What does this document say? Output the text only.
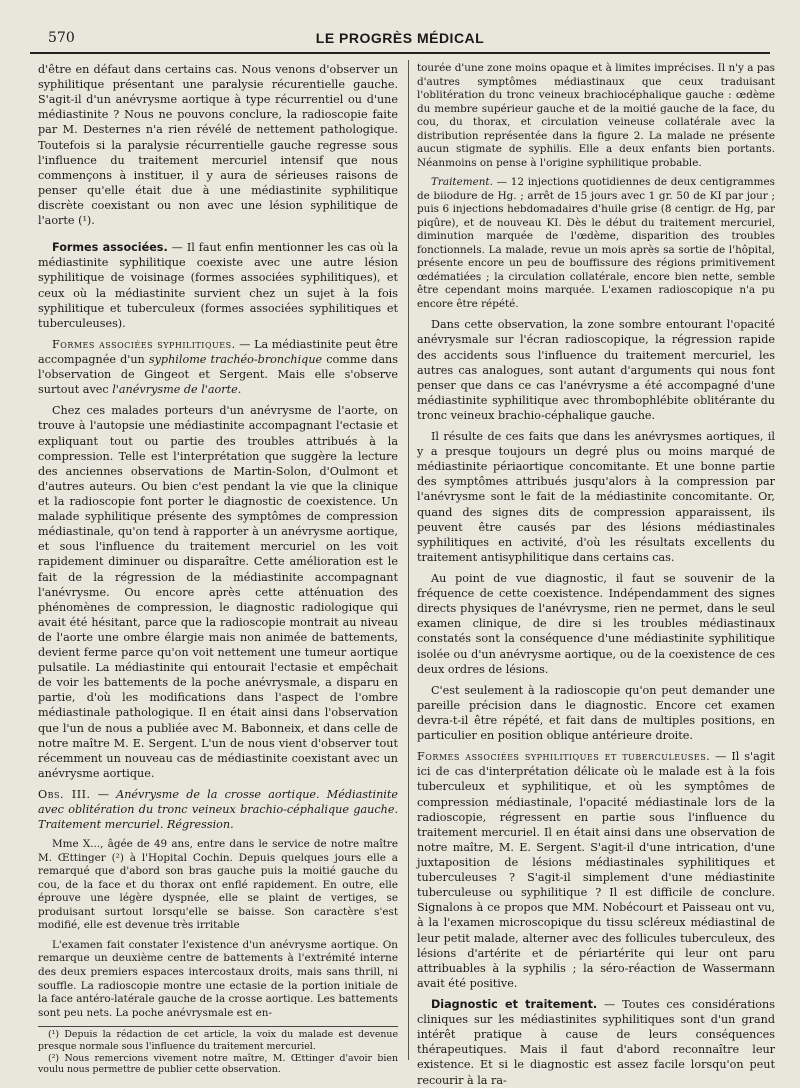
570	LE PROGRÈS MÉDICAL

d'être en défaut dans certains cas. Nous venons d'observer un syphilitique présentant une paralysie récurentielle gauche. S'agit-il d'un anévrysme aortique à type récurrentiel ou d'une médiastinite ? Nous ne pouvons conclure, la radioscopie faite par M. Desternes n'a rien révélé de nettement pathologique. Toutefois si la paralysie récurrentielle gauche regresse sous l'influence du traitement mercuriel intensif que nous commençons à instituer, il y aura de sérieuses raisons de penser qu'elle était due à une médiastinite syphilitique discrète coexistant ou non avec une lésion syphilitique de l'aorte (¹).

Formes associées. — Il faut enfin mentionner les cas où la médiastinite syphilitique coexiste avec une autre lésion syphilitique de voisinage (formes associées syphilitiques), et ceux où la médiastinite survient chez un sujet à la fois syphilitique et tuberculeux (formes associées syphilitiques et tuberculeuses).

Formes associées syphilitiques. — La médiastinite peut être accompagnée d'un syphilome trachéo-bronchique comme dans l'observation de Gingeot et Sergent. Mais elle s'observe surtout avec l'anévrysme de l'aorte.

Chez ces malades porteurs d'un anévrysme de l'aorte, on trouve à l'autopsie une médiastinite accompagnant l'ectasie et expliquant tout ou partie des troubles attribués à la compression. Telle est l'interprétation que suggère la lecture des anciennes observations de Martin-Solon, d'Oulmont et d'autres auteurs. Ou bien c'est pendant la vie que la clinique et la radioscopie font porter le diagnostic de coexistence. Un malade syphilitique présente des symptômes de compression médiastinale, qu'on tend à rapporter à un anévrysme aortique, et sous l'influence du traitement mercuriel on les voit rapidement diminuer ou disparaître. Cette amélioration est le fait de la régression de la médiastinite accompagnant l'anévrysme. Ou encore après cette atténuation des phénomènes de compression, le diagnostic radiologique qui avait été hésitant, parce que la radioscopie montrait au niveau de l'aorte une ombre élargie mais non animée de battements, devient ferme parce qu'on voit nettement une tumeur aortique pulsatile. La médiastinite qui entourait l'ectasie et empêchait de voir les battements de la poche anévrysmale, a disparu en partie, d'où les modifications dans l'aspect de l'ombre médiastinale pathologique. Il en était ainsi dans l'observation que l'un de nous a publiée avec M. Babonneix, et dans celle de notre maître M. E. Sergent. L'un de nous vient d'observer tout récemment un nouveau cas de médiastinite coexistant avec un anévrysme aortique.

Obs. III. — Anévrysme de la crosse aortique. Médiastinite avec oblitération du tronc veineux brachio-céphalique gauche. Traitement mercuriel. Régression.

Mme X..., âgée de 49 ans, entre dans le service de notre maître M. Œttinger (²) à l'Hopital Cochin. Depuis quelques jours elle a remarqué que d'abord son bras gauche puis la moitié gauche du cou, de la face et du thorax ont enflé rapidement. En outre, elle éprouve une légère dyspnée, elle se plaint de vertiges, se produisant surtout lorsqu'elle se baisse. Son caractère s'est modifié, elle est devenue très irritable

L'examen fait constater l'existence d'un anévrysme aortique. On remarque un deuxième centre de battements à l'extrémité interne des deux premiers espaces intercostaux droits, mais sans thrill, ni souffle. La radioscopie montre une ectasie de la portion initiale de la face antéro-latérale gauche de la crosse aortique. Les battements sont peu nets. La poche anévrysmale est en-

(¹) Depuis la rédaction de cet article, la voix du malade est devenue presque normale sous l'influence du traitement mercuriel.
(²) Nous remercions vivement notre maître, M. Œttinger d'avoir bien voulu nous permettre de publier cette observation.

tourée d'une zone moins opaque et à limites imprécises. Il n'y a pas d'autres symptômes médiastinaux que ceux traduisant l'oblitération du tronc veineux brachiocéphalique gauche : œdème du membre supérieur gauche et de la moitié gauche de la face, du cou, du thorax, et circulation veineuse collatérale avec la distribution représentée dans la figure 2. La malade ne présente aucun stigmate de syphilis. Elle a deux enfants bien portants. Néanmoins on pense à l'origine syphilitique probable.

Traitement. — 12 injections quotidiennes de deux centigrammes de biiodure de Hg. ; arrêt de 15 jours avec 1 gr. 50 de KI par jour ; puis 6 injections hebdomadaires d'huile grise (8 centigr. de Hg, par piqûre), et de nouveau KI. Dès le début du traitement mercuriel, diminution marquée de l'œdème, disparition des troubles fonctionnels. La malade, revue un mois après sa sortie de l'hôpital, présente encore un peu de bouffissure des régions primitivement œdématiées ; la circulation collatérale, encore bien nette, semble être cependant moins marquée. L'examen radioscopique n'a pu encore être répété.

Dans cette observation, la zone sombre entourant l'opacité anévrysmale sur l'écran radioscopique, la régression rapide des accidents sous l'influence du traitement mercuriel, les autres cas analogues, sont autant d'arguments qui nous font penser que dans ce cas l'anévrysme a été accompagné d'une médiastinite syphilitique avec thrombophlébite oblitérante du tronc veineux brachio-céphalique gauche.

Il résulte de ces faits que dans les anévrysmes aortiques, il y a presque toujours un degré plus ou moins marqué de médiastinite périaortique concomitante. Et une bonne partie des symptômes attribués jusqu'alors à la compression par l'anévrysme sont le fait de la médiastinite concomitante. Or, quand des signes dits de compression apparaissent, ils peuvent être causés par des lésions médiastinales syphilitiques en activité, d'où les résultats excellents du traitement antisyphilitique dans certains cas.

Au point de vue diagnostic, il faut se souvenir de la fréquence de cette coexistence. Indépendamment des signes directs physiques de l'anévrysme, rien ne permet, dans le seul examen clinique, de dire si les troubles médiastinaux constatés sont la conséquence d'une médiastinite syphilitique isolée ou d'un anévrysme aortique, ou de la coexistence de ces deux ordres de lésions.

C'est seulement à la radioscopie qu'on peut demander une pareille précision dans le diagnostic. Encore cet examen devra-t-il être répété, et fait dans de multiples positions, en particulier en position oblique antérieure droite.

Formes associées syphilitiques et tuberculeuses. — Il s'agit ici de cas d'interprétation délicate où le malade est à la fois tuberculeux et syphilitique, et où les symptômes de compression médiastinale, l'opacité médiastinale lors de la radioscopie, régressent en partie sous l'influence du traitement mercuriel. Il en était ainsi dans une observation de notre maître, M. E. Sergent. S'agit-il d'une intrication, d'une juxtaposition de lésions médiastinales syphilitiques et tuberculeuses ? S'agit-il simplement d'une médiastinite tuberculeuse ou syphilitique ? Il est difficile de conclure. Signalons à ce propos que MM. Nobécourt et Paisseau ont vu, à la l'examen microscopique du tissu scléreux médiastinal de leur petit malade, alterner avec des follicules tuberculeux, des lésions d'artérite et de périartérite qui leur ont paru attribuables à la syphilis ; la séro-réaction de Wassermann avait été positive.

Diagnostic et traitement. — Toutes ces considérations cliniques sur les médiastinites syphilitiques sont d'un grand intérêt pratique à cause de leurs conséquences thérapeutiques. Mais il faut d'abord reconnaître leur existence. Et si le diagnostic est assez facile lorsqu'on peut recourir à la ra-
